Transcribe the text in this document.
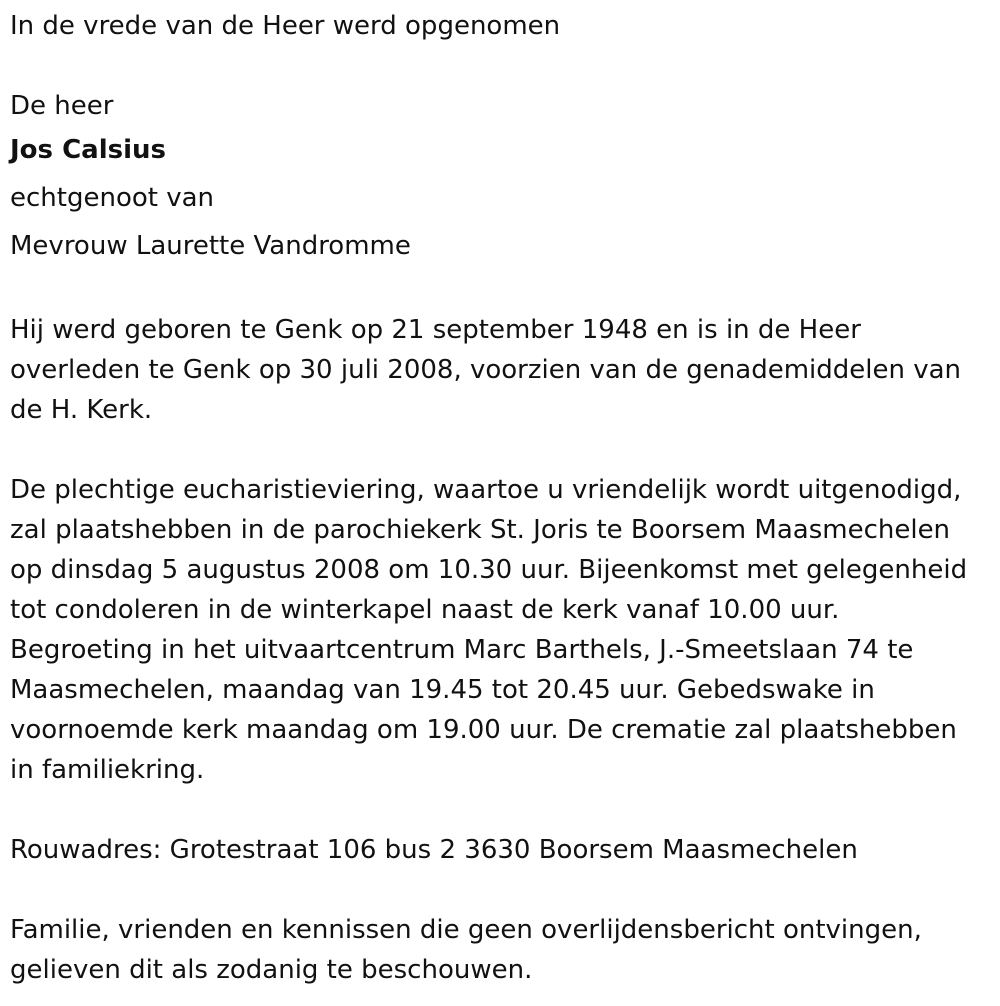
In de vrede van de Heer werd opgenomen

De heer

Jos Calsius

echtgenoot van

Mevrouw Laurette Vandromme

Hij werd geboren te Genk op 21 september 1948 en is in de Heer

overleden te Genk op 30 juli 2008, voorzien van de genademiddelen van

de H. Kerk.

De plechtige eucharistieviering, waartoe u vriendelijk wordt uitgenodigd,

zal plaatshebben in de parochiekerk St. Joris te Boorsem Maasmechelen

op dinsdag 5 augustus 2008 om 10.30 uur. Bijeenkomst met gelegenheid

tot condoleren in de winterkapel naast de kerk vanaf 10.00 uur.

Begroeting in het uitvaartcentrum Marc Barthels, J.-Smeetslaan 74 te

Maasmechelen, maandag van 19.45 tot 20.45 uur. Gebedswake in

voornoemde kerk maandag om 19.00 uur. De crematie zal plaatshebben

in familiekring.

Rouwadres: Grotestraat 106 bus 2 3630 Boorsem Maasmechelen

Familie, vrienden en kennissen die geen overlijdensbericht ontvingen,

gelieven dit als zodanig te beschouwen.
